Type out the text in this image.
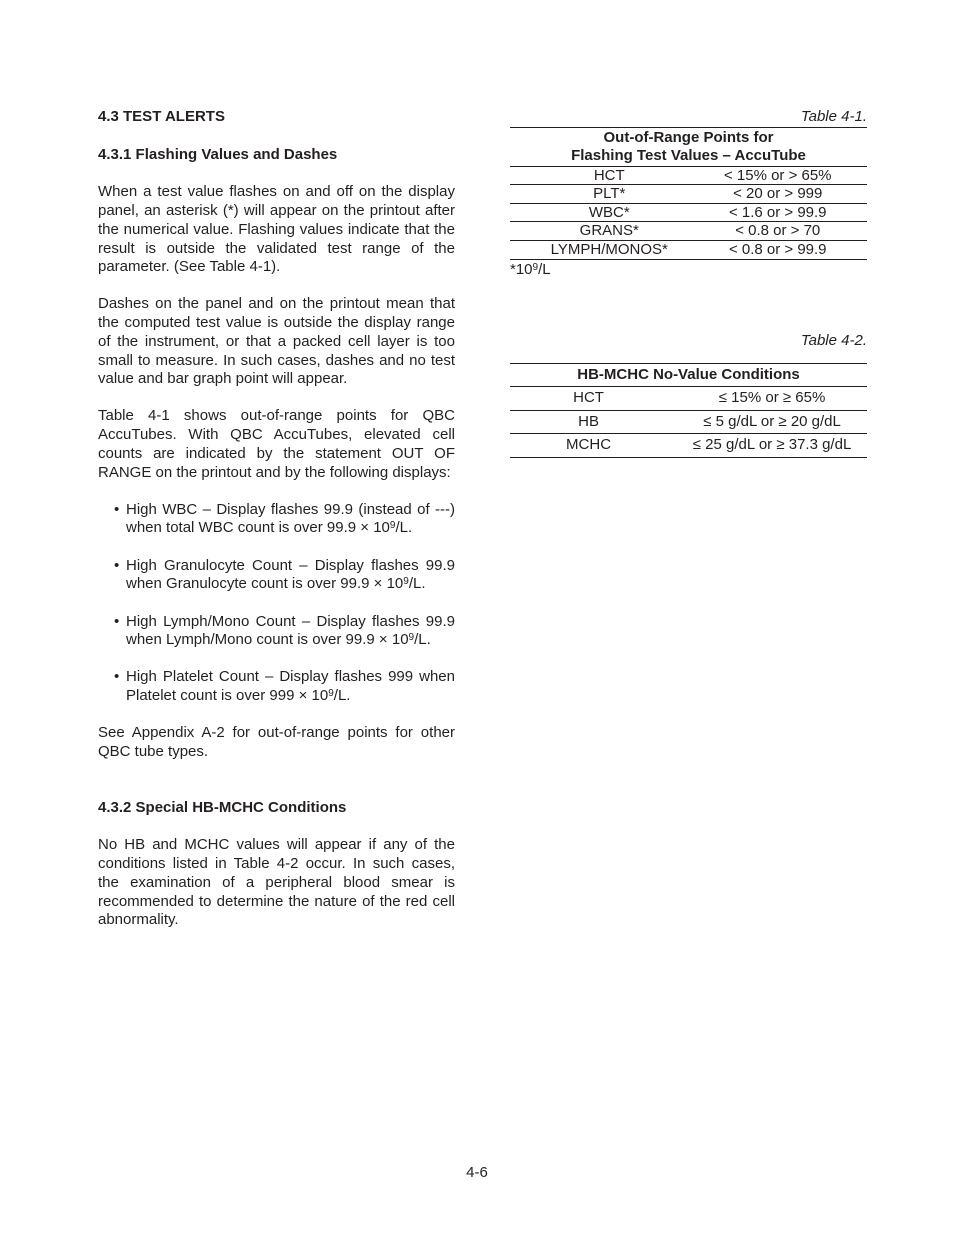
4.3 TEST ALERTS

4.3.1 Flashing Values and Dashes

When a test value flashes on and off on the display panel, an asterisk (*) will appear on the printout after the numerical value. Flashing values indicate that the result is outside the validated test range of the parameter. (See Table 4-1).

Dashes on the panel and on the printout mean that the computed test value is outside the display range of the instrument, or that a packed cell layer is too small to measure. In such cases, dashes and no test value and bar graph point will appear.

Table 4-1 shows out-of-range points for QBC AccuTubes. With QBC AccuTubes, elevated cell counts are indicated by the statement OUT OF RANGE on the printout and by the following displays:

• High WBC – Display flashes 99.9 (instead of ---) when total WBC count is over $99.9 \times 10^9/L$.
• High Granulocyte Count – Display flashes 99.9 when Granulocyte count is over $99.9 \times 10^9/L$.
• High Lymph/Mono Count – Display flashes 99.9 when Lymph/Mono count is over $99.9 \times 10^9/L$.
• High Platelet Count – Display flashes 999 when Platelet count is over $999 \times 10^9/L$.

See Appendix A-2 for out-of-range points for other QBC tube types.

4.3.2 Special HB-MCHC Conditions

No HB and MCHC values will appear if any of the conditions listed in Table 4-2 occur. In such cases, the examination of a peripheral blood smear is recommended to determine the nature of the red cell abnormality.

Table 4-1.

Out-of-Range Points for
Flashing Test Values – AccuTube	
HCT	< 15% or > 65%
PLT*	< 20 or > 999
WBC*	< 1.6 or > 99.9
GRANS*	< 0.8 or > 70
LYMPH/MONOS*	< 0.8 or > 99.9

$*10^9/L$

Table 4-2.

HB-MCHC No-Value Conditions	
HCT	≤ 15% or ≥ 65%
HB	≤ 5 g/dL or ≥ 20 g/dL
MCHC	≤ 25 g/dL or ≥ 37.3 g/dL
4-6
